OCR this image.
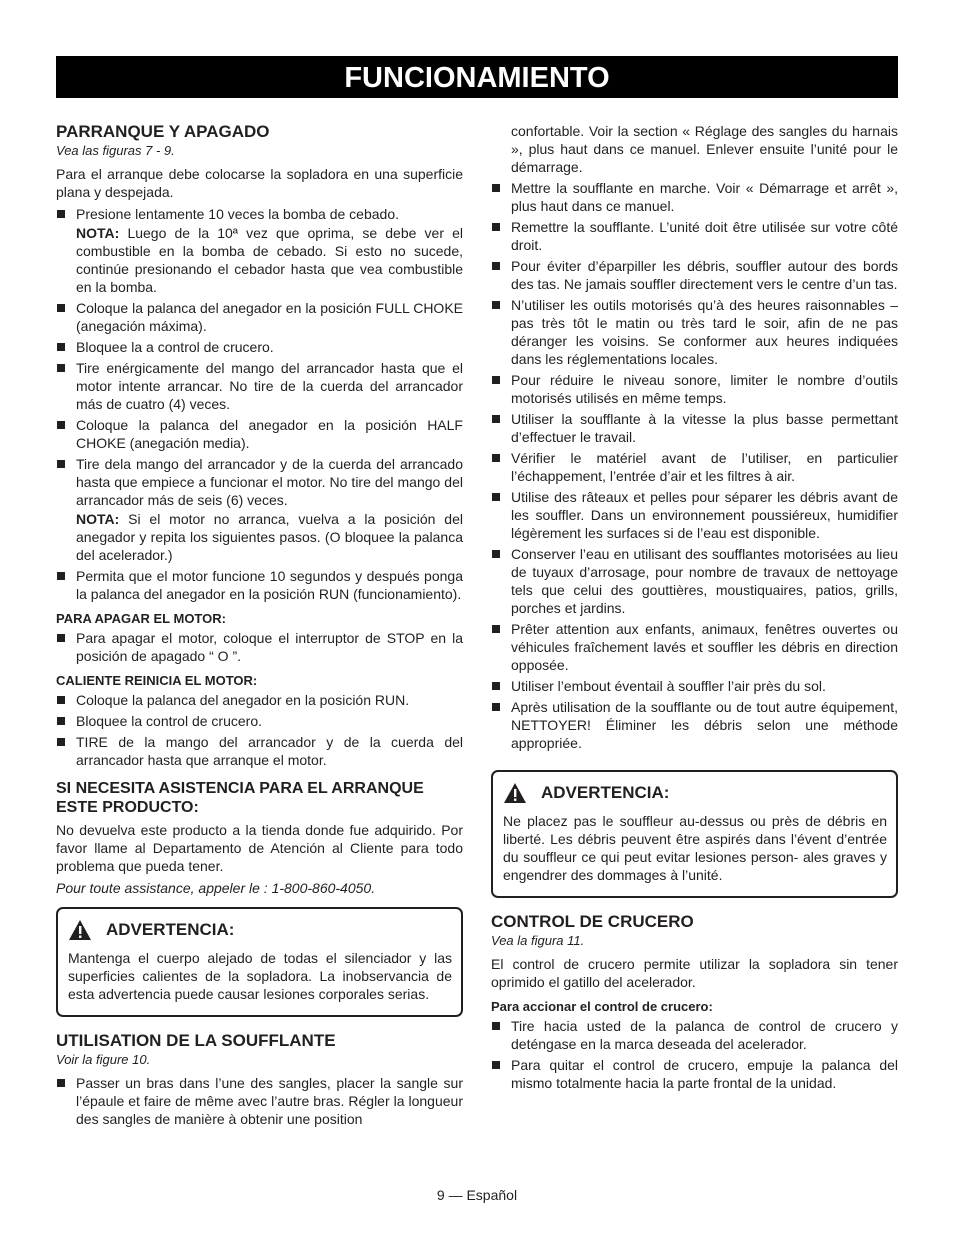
FUNCIONAMIENTO
PARRANQUE Y APAGADO
Vea las figuras 7 - 9.

Para el arranque debe colocarse la sopladora en una superficie plana y despejada.

Presione lentamente 10 veces la bomba de cebado.
NOTA: Luego de la 10ª vez que oprima, se debe ver el combustible en la bomba de cebado. Si esto no sucede, continúe presionando el cebador hasta que vea combustible en la bomba.
Coloque la palanca del anegador en la posición FULL CHOKE (anegación máxima).
Bloquee la a control de crucero.
Tire enérgicamente del mango del arrancador hasta que el motor intente arrancar. No tire de la cuerda del arrancador más de cuatro (4) veces.
Coloque la palanca del anegador en la posición HALF CHOKE (anegación media).
Tire dela mango del arrancador y de la cuerda del arrancado hasta que empiece a funcionar el motor. No tire del mango del arrancador más de seis (6) veces.
NOTA: Si el motor no arranca, vuelva a la posición del anegador y repita los siguientes pasos. (O bloquee la palanca del acelerador.)
Permita que el motor funcione 10 segundos y después ponga la palanca del anegador en la posición RUN (funcionamiento).
PARA APAGAR EL MOTOR:
Para apagar el motor, coloque el interruptor de STOP en la posición de apagado “ O ”.
CALIENTE REINICIA EL MOTOR:
Coloque la palanca del anegador en la posición RUN.
Bloquee la control de crucero.
TIRE de la mango del arrancador y de la cuerda del arrancador hasta que arranque el motor.
SI NECESITA ASISTENCIA PARA EL ARRANQUE ESTE PRODUCTO:

No devuelva este producto a la tienda donde fue adquirido. Por favor llame al Departamento de Atención al Cliente para todo problema que pueda tener.

Pour toute assistance, appeler le : 1-800-860-4050.

ADVERTENCIA:

Mantenga el cuerpo alejado de todas el silenciador y las superficies calientes de la sopladora. La inobservancia de esta advertencia puede causar lesiones corporales serias.

UTILISATION DE LA SOUFFLANTE
Voir la figure 10.
Passer un bras dans l’une des sangles, placer la sangle sur l’épaule et faire de même avec l’autre bras. Régler la longueur des sangles de manière à obtenir une position
confortable. Voir la section « Réglage des sangles du harnais », plus haut dans ce manuel. Enlever ensuite l’unité pour le démarrage.
Mettre la soufflante en marche. Voir « Démarrage et arrêt », plus haut dans ce manuel.
Remettre la soufflante. L’unité doit être utilisée sur votre côté droit.
Pour éviter d’éparpiller les débris, souffler autour des bords des tas. Ne jamais souffler directement vers le centre d’un tas.
N’utiliser les outils motorisés qu’à des heures raisonnables – pas très tôt le matin ou très tard le soir, afin de ne pas déranger les voisins. Se conformer aux heures indiquées dans les réglementations locales.
Pour réduire le niveau sonore, limiter le nombre d’outils motorisés utilisés en même temps.
Utiliser la soufflante à la vitesse la plus basse permettant d’effectuer le travail.
Vérifier le matériel avant de l’utiliser, en particulier l’échappement, l’entrée d’air et les filtres à air.
Utilise des râteaux et pelles pour séparer les débris avant de les souffler. Dans un environnement poussiéreux, humidifier légèrement les surfaces si de l’eau est disponible.
Conserver l’eau en utilisant des soufflantes motorisées au lieu de tuyaux d’arrosage, pour nombre de travaux de nettoyage tels que celui des gouttières, moustiquaires, patios, grills, porches et jardins.
Prêter attention aux enfants, animaux, fenêtres ouvertes ou véhicules fraîchement lavés et souffler les débris en direction opposée.
Utiliser l’embout éventail à souffler l’air près du sol.
Après utilisation de la soufflante ou de tout autre équipement, NETTOYER! Éliminer les débris selon une méthode appropriée.
ADVERTENCIA:

Ne placez pas le souffleur au-dessus ou près de débris en liberté. Les débris peuvent être aspirés dans l’évent d’entrée du souffleur ce qui peut evitar lesiones person- ales graves y engendrer des dommages à l’unité.

CONTROL DE CRUCERO
Vea la figura 11.

El control de crucero permite utilizar la sopladora sin tener oprimido el gatillo del acelerador.

Para accionar el control de crucero:
Tire hacia usted de la palanca de control de crucero y deténgase en la marca deseada del acelerador.
Para quitar el control de crucero, empuje la palanca del mismo totalmente hacia la parte frontal de la unidad.
9 — Español
